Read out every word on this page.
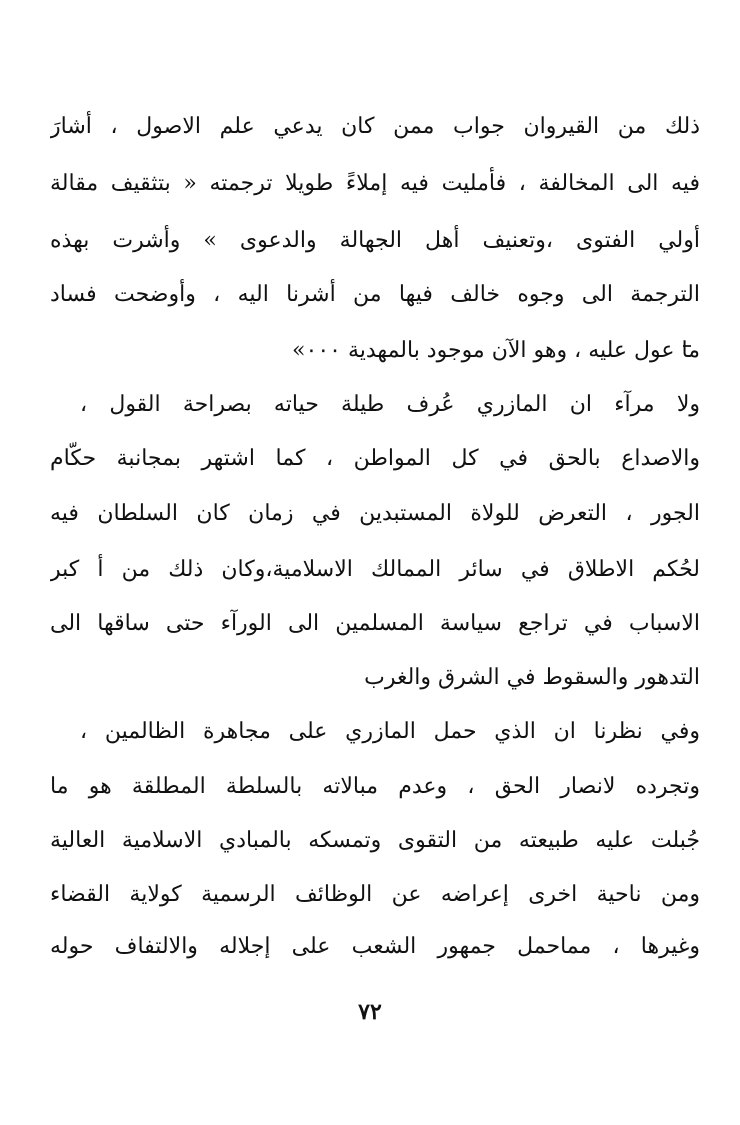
ذلك من القيروان جواب ممن كان يدعي علم الاصول ، أشارَ
فيه الى المخالفة ، فأمليت فيه إملاءً طويلا ترجمته « بتثقيف مقالة
أولي الفتوى ،وتعنيف أهل الجهالة والدعوى » وأشرت بهذه
الترجمة الى وجوه خالف فيها من أشرنا اليه ، وأوضحت فساد
ما عول عليه ، وهو الآن موجود بالمهدية ٠٠٠»
ولا مرآء ان المازري عُرف طيلة حياته بصراحة القول ،
والاصداع بالحق في كل المواطن ، كما اشتهر بمجانبة حكّام
الجور ، التعرض للولاة المستبدين في زمان كان السلطان فيه
لحُكم الاطلاق في سائر الممالك الاسلامية،وكان ذلك من أ كبر
الاسباب في تراجع سياسة المسلمين الى الورآء حتى ساقها الى
التدهور والسقوط في الشرق والغرب
وفي نظرنا ان الذي حمل المازري على مجاهرة الظالمين ،
وتجرده لانصار الحق ، وعدم مبالاته بالسلطة المطلقة هو ما
جُبلت عليه طبيعته من التقوى وتمسكه بالمبادي الاسلامية العالية
ومن ناحية اخرى إعراضه عن الوظائف الرسمية كولاية القضاء
وغيرها ، مماحمل جمهور الشعب على إجلاله والالتفاف حوله
٧٢
